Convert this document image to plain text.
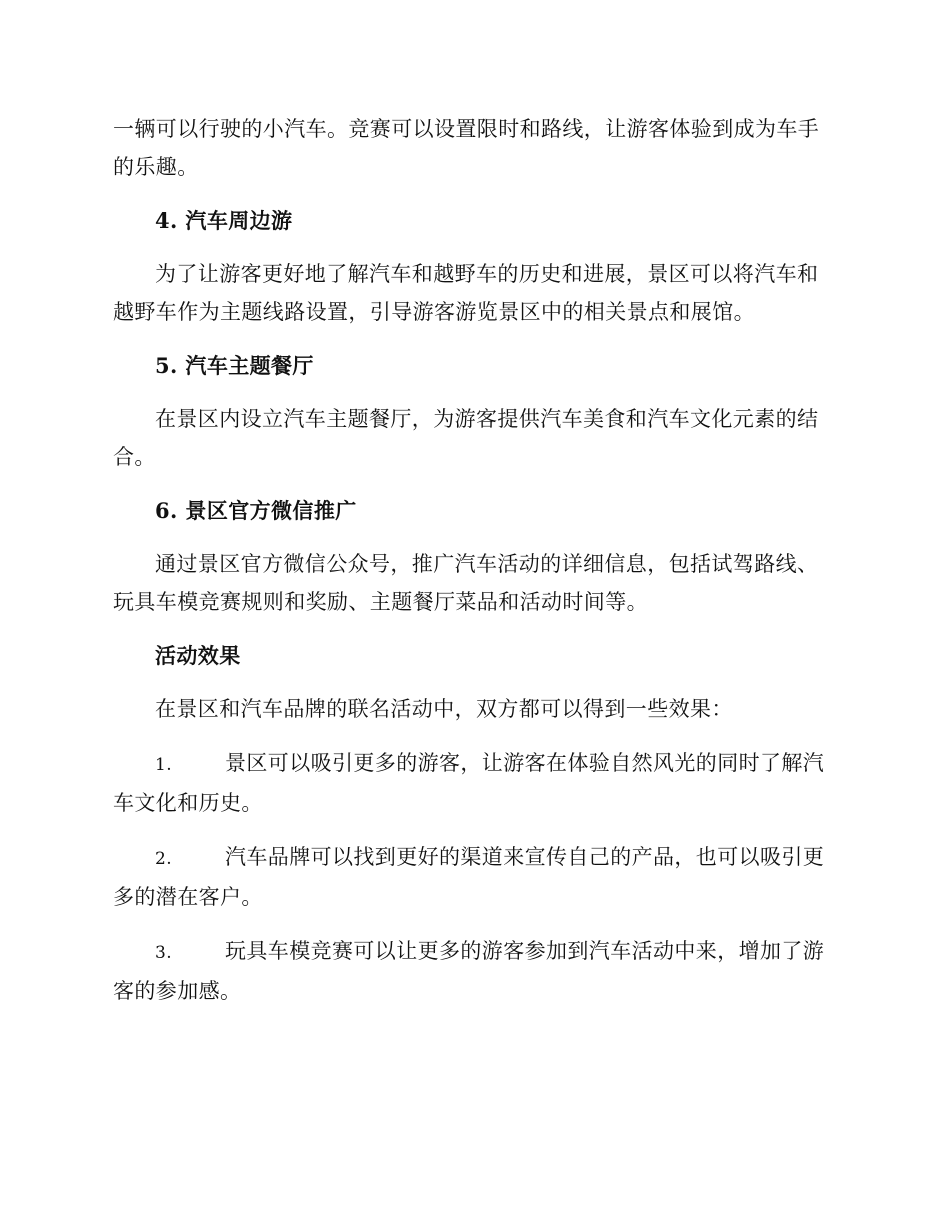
一辆可以行驶的小汽车。竞赛可以设置限时和路线，让游客体验到成为车手的乐趣。

4. 汽车周边游

为了让游客更好地了解汽车和越野车的历史和进展，景区可以将汽车和越野车作为主题线路设置，引导游客游览景区中的相关景点和展馆。

5. 汽车主题餐厅

在景区内设立汽车主题餐厅，为游客提供汽车美食和汽车文化元素的结合。

6. 景区官方微信推广

通过景区官方微信公众号，推广汽车活动的详细信息，包括试驾路线、玩具车模竞赛规则和奖励、主题餐厅菜品和活动时间等。

活动效果

在景区和汽车品牌的联名活动中，双方都可以得到一些效果：

1.	景区可以吸引更多的游客，让游客在体验自然风光的同时了解汽车文化和历史。

2.	汽车品牌可以找到更好的渠道来宣传自己的产品，也可以吸引更多的潜在客户。

3.	玩具车模竞赛可以让更多的游客参加到汽车活动中来，增加了游客的参加感。
